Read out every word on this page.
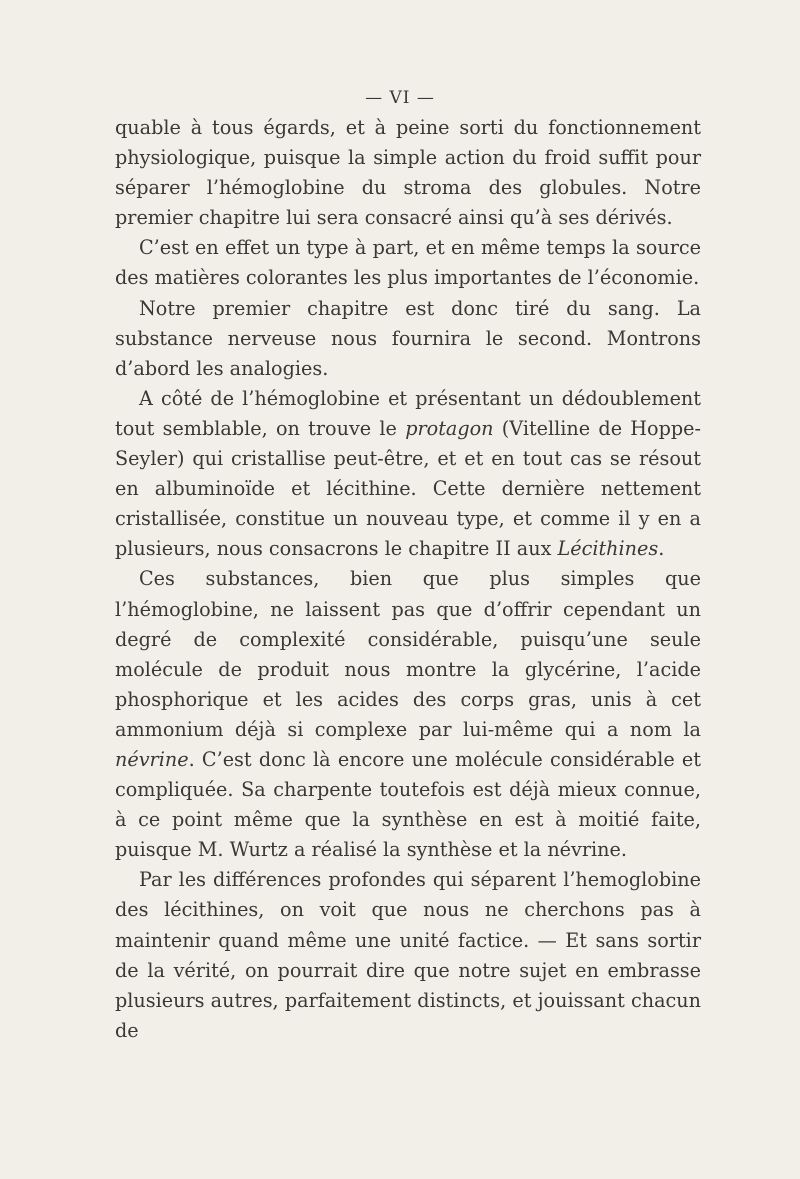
— VI —

quable à tous égards, et à peine sorti du fonctionnement physiologique, puisque la simple action du froid suffit pour séparer l’hémoglobine du stroma des globules. Notre premier chapitre lui sera consacré ainsi qu’à ses dérivés.

C’est en effet un type à part, et en même temps la source des matières colorantes les plus importantes de l’économie.

Notre premier chapitre est donc tiré du sang. La substance nerveuse nous fournira le second. Montrons d’abord les analogies.

A côté de l’hémoglobine et présentant un dédoublement tout semblable, on trouve le protagon (Vitelline de Hoppe-Seyler) qui cristallise peut-être, et et en tout cas se résout en albuminoïde et lécithine. Cette dernière nettement cristallisée, constitue un nouveau type, et comme il y en a plusieurs, nous consacrons le chapitre II aux Lécithines.

Ces substances, bien que plus simples que l’hémoglobine, ne laissent pas que d’offrir cependant un degré de complexité considérable, puisqu’une seule molécule de produit nous montre la glycérine, l’acide phosphorique et les acides des corps gras, unis à cet ammonium déjà si complexe par lui-même qui a nom la névrine. C’est donc là encore une molécule considérable et compliquée. Sa charpente toutefois est déjà mieux connue, à ce point même que la synthèse en est à moitié faite, puisque M. Wurtz a réalisé la synthèse et la névrine.

Par les différences profondes qui séparent l’hemoglobine des lécithines, on voit que nous ne cherchons pas à maintenir quand même une unité factice. — Et sans sortir de la vérité, on pourrait dire que notre sujet en embrasse plusieurs autres, parfaitement distincts, et jouissant chacun de
